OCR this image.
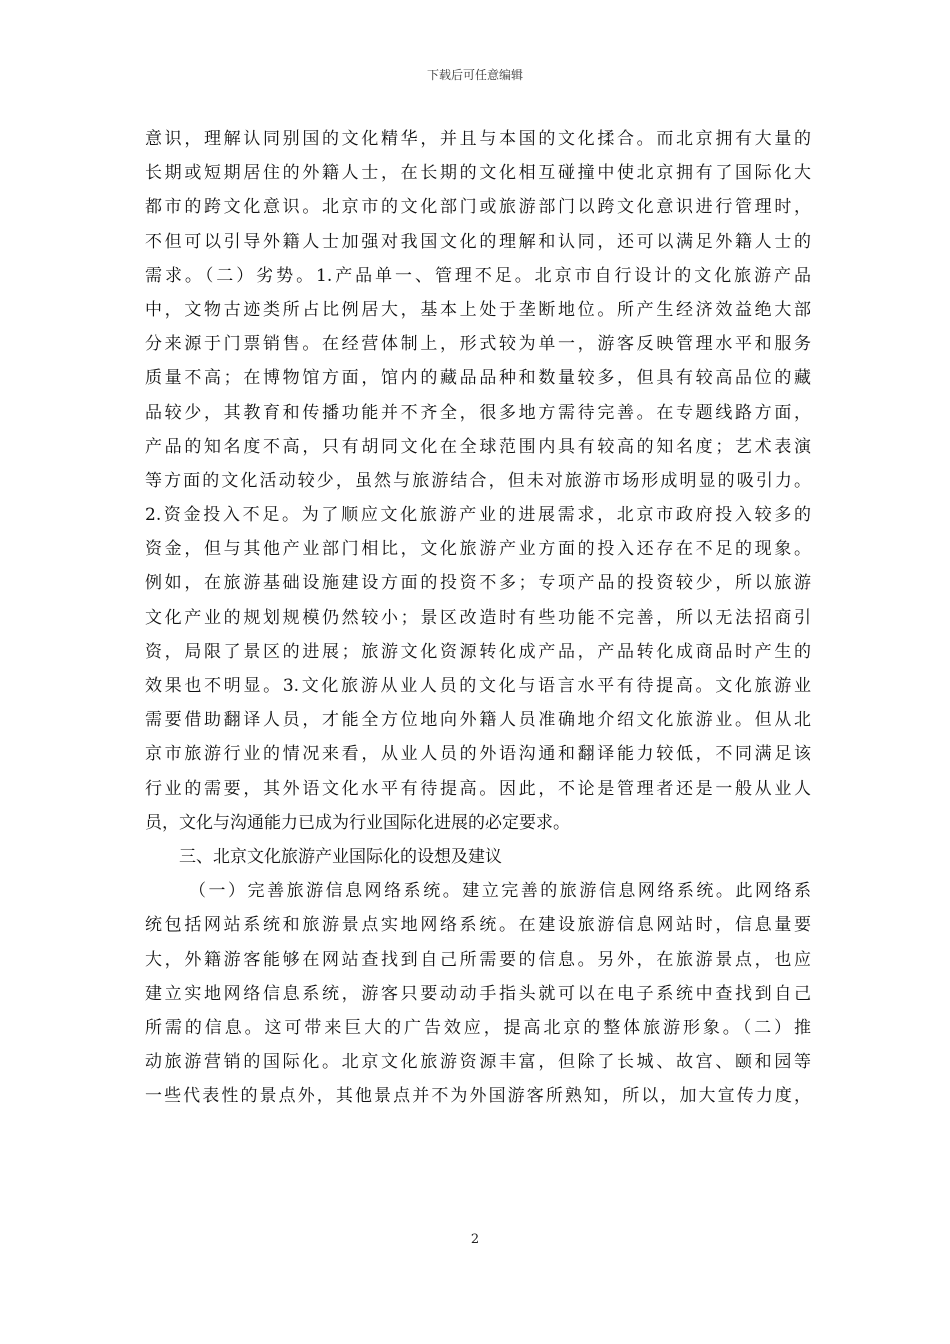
下载后可任意编辑
意识，理解认同别国的文化精华，并且与本国的文化揉合。而北京拥有大量的
长期或短期居住的外籍人士，在长期的文化相互碰撞中使北京拥有了国际化大
都市的跨文化意识。北京市的文化部门或旅游部门以跨文化意识进行管理时，
不但可以引导外籍人士加强对我国文化的理解和认同，还可以满足外籍人士的
需求。（二）劣势。1.产品单一、管理不足。北京市自行设计的文化旅游产品
中，文物古迹类所占比例居大，基本上处于垄断地位。所产生经济效益绝大部
分来源于门票销售。在经营体制上，形式较为单一，游客反映管理水平和服务
质量不高；在博物馆方面，馆内的藏品品种和数量较多，但具有较高品位的藏
品较少，其教育和传播功能并不齐全，很多地方需待完善。在专题线路方面，
产品的知名度不高，只有胡同文化在全球范围内具有较高的知名度；艺术表演
等方面的文化活动较少，虽然与旅游结合，但未对旅游市场形成明显的吸引力。
2.资金投入不足。为了顺应文化旅游产业的进展需求，北京市政府投入较多的
资金，但与其他产业部门相比，文化旅游产业方面的投入还存在不足的现象。
例如，在旅游基础设施建设方面的投资不多；专项产品的投资较少，所以旅游
文化产业的规划规模仍然较小；景区改造时有些功能不完善，所以无法招商引
资，局限了景区的进展；旅游文化资源转化成产品，产品转化成商品时产生的
效果也不明显。3.文化旅游从业人员的文化与语言水平有待提高。文化旅游业
需要借助翻译人员，才能全方位地向外籍人员准确地介绍文化旅游业。但从北
京市旅游行业的情况来看，从业人员的外语沟通和翻译能力较低，不同满足该
行业的需要，其外语文化水平有待提高。因此，不论是管理者还是一般从业人
员，文化与沟通能力已成为行业国际化进展的必定要求。
三、北京文化旅游产业国际化的设想及建议
（一）完善旅游信息网络系统。建立完善的旅游信息网络系统。此网络系
统包括网站系统和旅游景点实地网络系统。在建设旅游信息网站时，信息量要
大，外籍游客能够在网站查找到自己所需要的信息。另外，在旅游景点，也应
建立实地网络信息系统，游客只要动动手指头就可以在电子系统中查找到自己
所需的信息。这可带来巨大的广告效应，提高北京的整体旅游形象。（二）推
动旅游营销的国际化。北京文化旅游资源丰富，但除了长城、故宫、颐和园等
一些代表性的景点外，其他景点并不为外国游客所熟知，所以，加大宣传力度，
2
